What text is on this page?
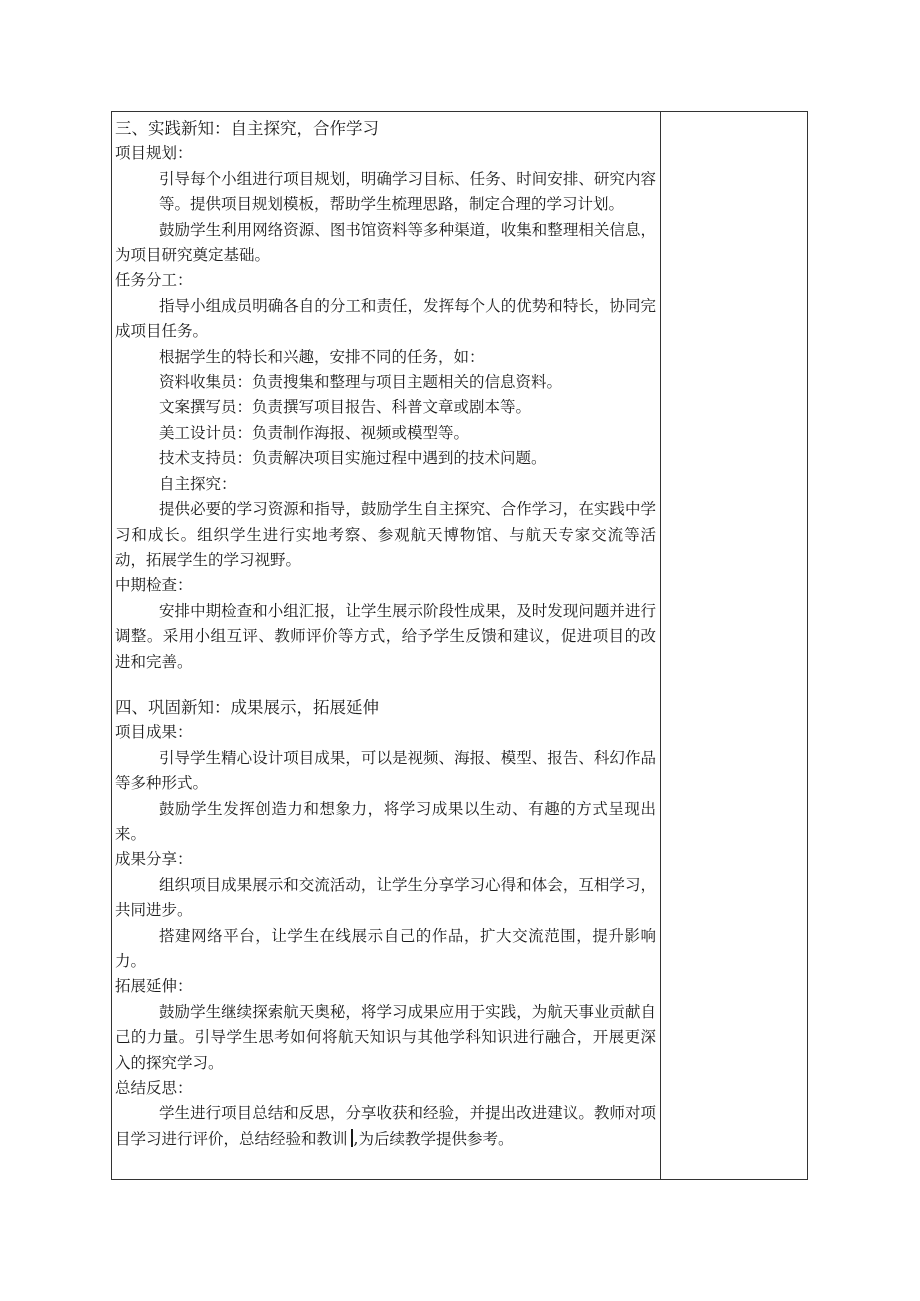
三、实践新知：自主探究，合作学习

项目规划：

引导每个小组进行项目规划，明确学习目标、任务、时间安排、研究内容等。提供项目规划模板，帮助学生梳理思路，制定合理的学习计划。

鼓励学生利用网络资源、图书馆资料等多种渠道，收集和整理相关信息，为项目研究奠定基础。

任务分工：

指导小组成员明确各自的分工和责任，发挥每个人的优势和特长，协同完成项目任务。

根据学生的特长和兴趣，安排不同的任务，如：

资料收集员：负责搜集和整理与项目主题相关的信息资料。

文案撰写员：负责撰写项目报告、科普文章或剧本等。

美工设计员：负责制作海报、视频或模型等。

技术支持员：负责解决项目实施过程中遇到的技术问题。

自主探究：

提供必要的学习资源和指导，鼓励学生自主探究、合作学习，在实践中学习和成长。组织学生进行实地考察、参观航天博物馆、与航天专家交流等活动，拓展学生的学习视野。

中期检查：

安排中期检查和小组汇报，让学生展示阶段性成果，及时发现问题并进行调整。采用小组互评、教师评价等方式，给予学生反馈和建议，促进项目的改进和完善。

四、巩固新知：成果展示，拓展延伸

项目成果：

引导学生精心设计项目成果，可以是视频、海报、模型、报告、科幻作品等多种形式。

鼓励学生发挥创造力和想象力，将学习成果以生动、有趣的方式呈现出来。

成果分享：

组织项目成果展示和交流活动，让学生分享学习心得和体会，互相学习，共同进步。

搭建网络平台，让学生在线展示自己的作品，扩大交流范围，提升影响力。

拓展延伸：

鼓励学生继续探索航天奥秘，将学习成果应用于实践，为航天事业贡献自己的力量。引导学生思考如何将航天知识与其他学科知识进行融合，开展更深入的探究学习。

总结反思：

学生进行项目总结和反思，分享收获和经验，并提出改进建议。教师对项目学习进行评价，总结经验和教训 ,为后续教学提供参考。
